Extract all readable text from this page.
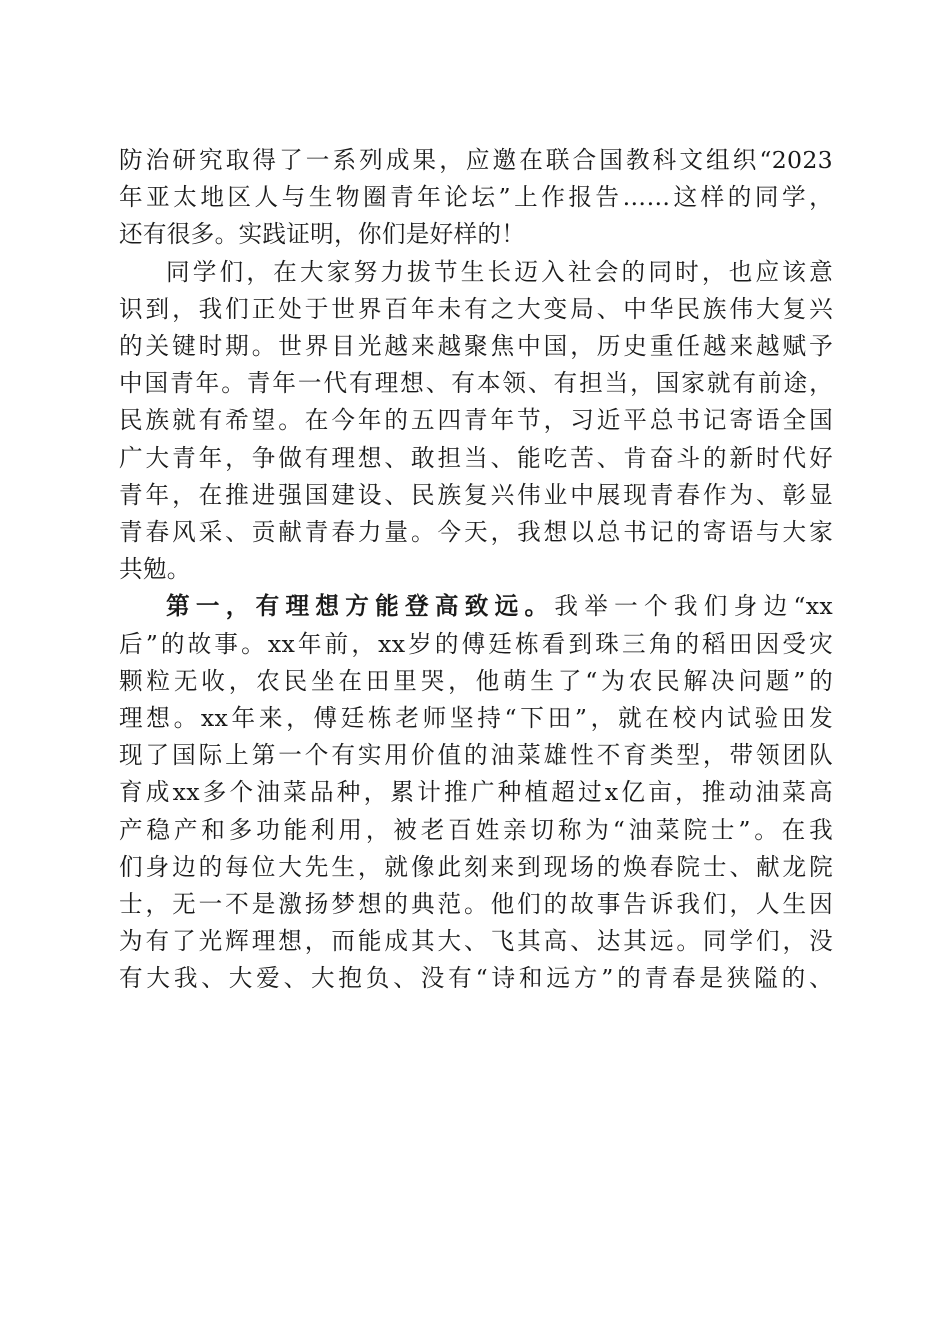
防治研究取得了一系列成果，应邀在联合国教科文组织“2023
年亚太地区人与生物圈青年论坛”上作报告……这样的同学，
还有很多。实践证明，你们是好样的！
同学们，在大家努力拔节生长迈入社会的同时，也应该意
识到，我们正处于世界百年未有之大变局、中华民族伟大复兴
的关键时期。世界目光越来越聚焦中国，历史重任越来越赋予
中国青年。青年一代有理想、有本领、有担当，国家就有前途，
民族就有希望。在今年的五四青年节，习近平总书记寄语全国
广大青年，争做有理想、敢担当、能吃苦、肯奋斗的新时代好
青年，在推进强国建设、民族复兴伟业中展现青春作为、彰显
青春风采、贡献青春力量。今天，我想以总书记的寄语与大家
共勉。
第一，有理想方能登高致远。我举一个我们身边“xx
后”的故事。xx年前，xx岁的傅廷栋看到珠三角的稻田因受灾
颗粒无收，农民坐在田里哭，他萌生了“为农民解决问题”的
理想。xx年来，傅廷栋老师坚持“下田”，就在校内试验田发
现了国际上第一个有实用价值的油菜雄性不育类型，带领团队
育成xx多个油菜品种，累计推广种植超过x亿亩，推动油菜高
产稳产和多功能利用，被老百姓亲切称为“油菜院士”。在我
们身边的每位大先生，就像此刻来到现场的焕春院士、献龙院
士，无一不是激扬梦想的典范。他们的故事告诉我们，人生因
为有了光辉理想，而能成其大、飞其高、达其远。同学们，没
有大我、大爱、大抱负、没有“诗和远方”的青春是狭隘的、
